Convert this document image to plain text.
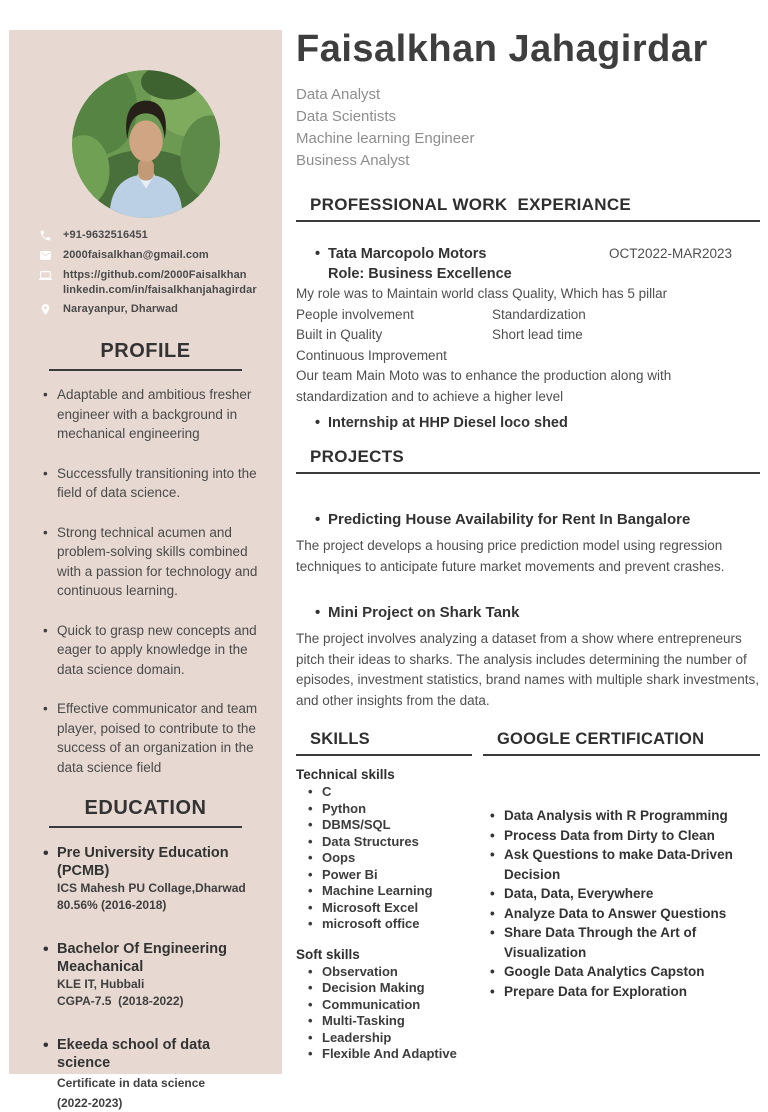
+91-9632516451
2000faisalkhan@gmail.com
https://github.com/2000Faisalkhan
linkedin.com/in/faisalkhanjahagirdar
Narayanpur, Dharwad
PROFILE
• Adaptable and ambitious fresher engineer with a background in mechanical engineering
• Successfully transitioning into the field of data science.
• Strong technical acumen and problem-solving skills combined with a passion for technology and continuous learning.
• Quick to grasp new concepts and eager to apply knowledge in the data science domain.
• Effective communicator and team player, poised to contribute to the success of an organization in the data science field
EDUCATION
• Pre University Education (PCMB)
ICS Mahesh PU Collage,Dharwad
80.56% (2016-2018)
• Bachelor Of Engineering Meachanical
KLE IT, Hubbali
CGPA-7.5  (2018-2022)
• Ekeeda school of data science
Certificate in data science
(2022-2023)
Faisalkhan Jahagirdar
Data Analyst
Data Scientists
Machine learning Engineer
Business Analyst
PROFESSIONAL WORK  EXPERIANCE
• Tata Marcopolo Motors	OCT2022-MAR2023
Role: Business Excellence

My role was to Maintain world class Quality, Which has 5 pillar

People involvement
Built in Quality
Continuous Improvement
Standardization
Short lead time

Our team Main Moto was to enhance the production along with standardization and to achieve a higher level

• Internship at HHP Diesel loco shed
PROJECTS
• Predicting House Availability for Rent In Bangalore

The project develops a housing price prediction model using regression techniques to anticipate future market movements and prevent crashes.

• Mini Project on Shark Tank

The project involves analyzing a dataset from a show where entrepreneurs pitch their ideas to sharks. The analysis includes determining the number of episodes, investment statistics, brand names with multiple shark investments, and other insights from the data.

SKILLS
Technical skills
• C
• Python
• DBMS/SQL
• Data Structures
• Oops
• Power Bi
• Machine Learning
• Microsoft Excel
• microsoft office
Soft skills
• Observation
• Decision Making
• Communication
• Multi-Tasking
• Leadership
• Flexible And Adaptive
GOOGLE CERTIFICATION
• Data Analysis with R Programming
• Process Data from Dirty to Clean
• Ask Questions to make Data-Driven Decision
• Data, Data, Everywhere
• Analyze Data to Answer Questions
• Share Data Through the Art of Visualization
• Google Data Analytics Capston
• Prepare Data for Exploration
